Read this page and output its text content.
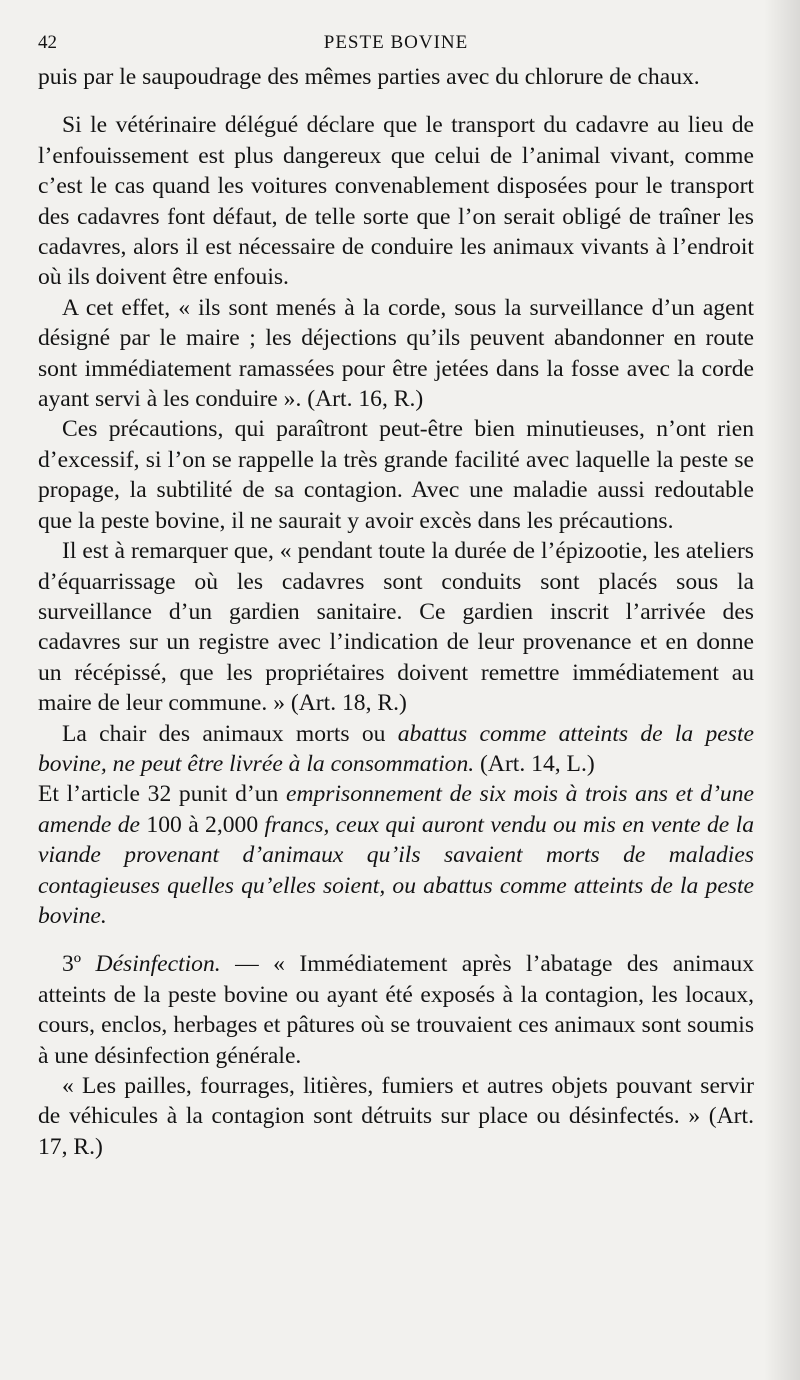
42	PESTE BOVINE

puis par le saupoudrage des mêmes parties avec du chlorure de chaux.

Si le vétérinaire délégué déclare que le transport du cadavre au lieu de l’enfouissement est plus dangereux que celui de l’animal vivant, comme c’est le cas quand les voitures convenablement disposées pour le transport des cadavres font défaut, de telle sorte que l’on serait obligé de traîner les cadavres, alors il est nécessaire de conduire les animaux vivants à l’endroit où ils doivent être enfouis.

A cet effet, « ils sont menés à la corde, sous la surveillance d’un agent désigné par le maire ; les déjections qu’ils peuvent abandonner en route sont immédiatement ramassées pour être jetées dans la fosse avec la corde ayant servi à les conduire ». (Art. 16, R.)

Ces précautions, qui paraîtront peut-être bien minutieuses, n’ont rien d’excessif, si l’on se rappelle la très grande facilité avec laquelle la peste se propage, la subtilité de sa contagion. Avec une maladie aussi redoutable que la peste bovine, il ne saurait y avoir excès dans les précautions.

Il est à remarquer que, « pendant toute la durée de l’épizootie, les ateliers d’équarrissage où les cadavres sont conduits sont placés sous la surveillance d’un gardien sanitaire. Ce gardien inscrit l’arrivée des cadavres sur un registre avec l’indication de leur provenance et en donne un récépissé, que les propriétaires doivent remettre immédiatement au maire de leur commune. » (Art. 18, R.)

La chair des animaux morts ou abattus comme atteints de la peste bovine, ne peut être livrée à la consommation. (Art. 14, L.)

Et l’article 32 punit d’un emprisonnement de six mois à trois ans et d’une amende de 100 à 2,000 francs, ceux qui auront vendu ou mis en vente de la viande provenant d’animaux qu’ils savaient morts de maladies contagieuses quelles qu’elles soient, ou abattus comme atteints de la peste bovine.

3º Désinfection. — « Immédiatement après l’abatage des animaux atteints de la peste bovine ou ayant été exposés à la contagion, les locaux, cours, enclos, herbages et pâtures où se trouvaient ces animaux sont soumis à une désinfection générale.

« Les pailles, fourrages, litières, fumiers et autres objets pouvant servir de véhicules à la contagion sont détruits sur place ou désinfectés. » (Art. 17, R.)
